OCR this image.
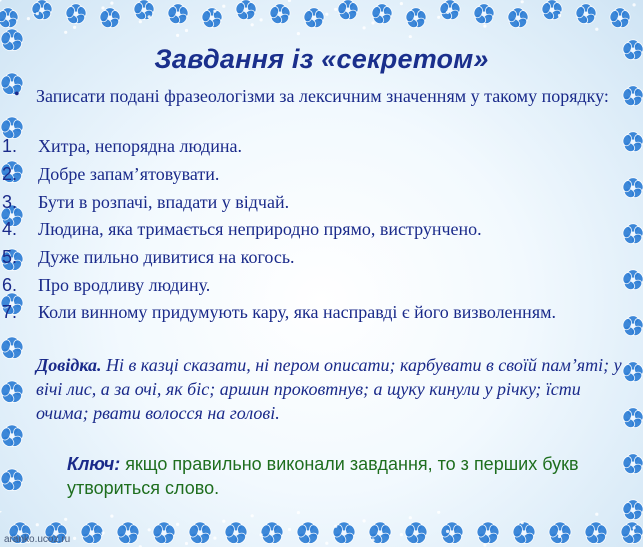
Завдання із «секретом»
• Записати подані фразеологізми за лексичним значенням у такому порядку:
1.	Хитра, непорядна людина.
2.	Добре запам’ятовувати.
3.	Бути в розпачі, впадати у відчай.
4.	Людина, яка тримається неприродно прямо, виструнчено.
5.	Дуже пильно дивитися на когось.
6.	Про вродливу людину.
7.	Коли винному придумують кару, яка насправді є його визволенням.
Довідка. Ні в казці сказати, ні пером описати; карбувати в своїй пам’яті; у вічі лис, а за очі, як біс; аршин проковтнув; а щуку кинули у річку; їсти очима; рвати волосся на голові.
Ключ: якщо правильно виконали завдання, то з перших букв утвориться слово.
aranko.ucoz.ru
